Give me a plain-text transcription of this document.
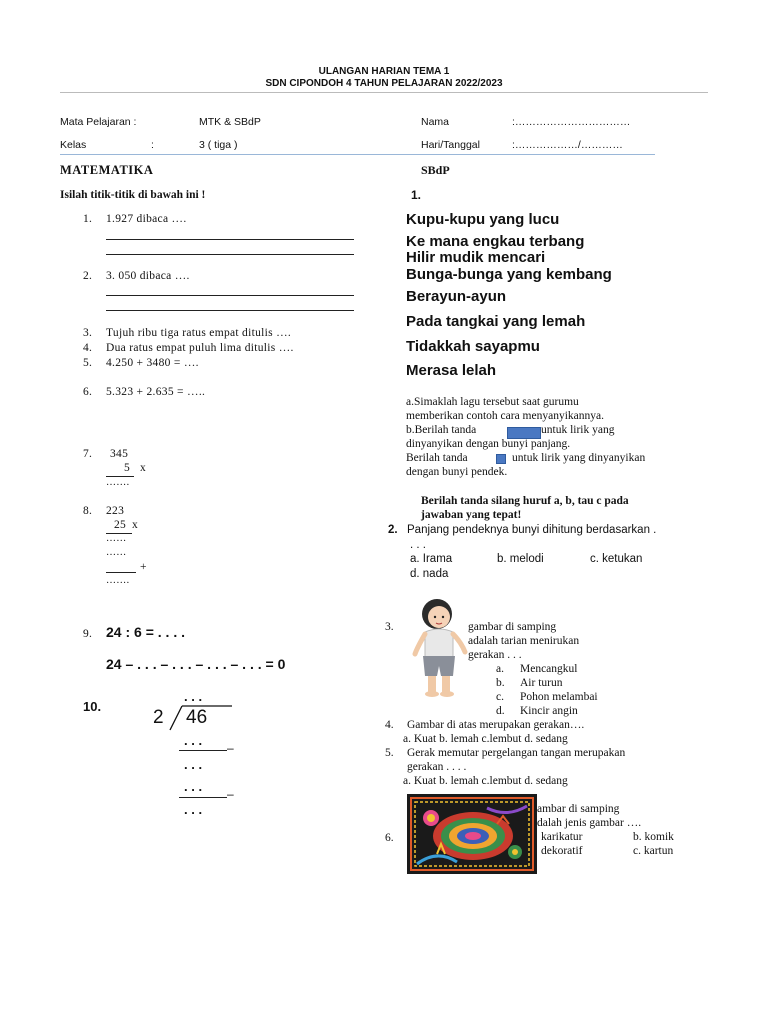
ULANGAN HARIAN TEMA 1
SDN CIPONDOH 4 TAHUN PELAJARAN 2022/2023
Mata Pelajaran :	MTK & SBdP	Nama	:……………………………
Kelas	:	3 ( tiga )	Hari/Tanggal	:………………/…………
MATEMATIKA
Isilah titik-titik di bawah ini !
1. 1.927 dibaca ….
2. 3. 050 dibaca ….
3. Tujuh ribu tiga ratus empat ditulis ….
4. Dua ratus empat puluh lima ditulis ….
5. 4.250 + 3480 = ….
6. 5.323 + 2.635 = …..
7. 345
5 x
…….
8. 223
25 x
……
……
+
…….
9. 24 : 6 = . . . .
24 – . . . – . . . – . . . – . . . = 0
10.
. . .
2 46
. . . –
. . .
. . . –
. . .
SBdP
1.
Kupu-kupu yang lucu
Ke mana engkau terbang
Hilir mudik mencari
Bunga-bunga yang kembang
Berayun-ayun
Pada tangkai yang lemah
Tidakkah sayapmu
Merasa lelah
a.Simaklah lagu tersebut saat gurumu
memberikan contoh cara menyanyikannya.
b.Berilah tanda	untuk lirik yang
dinyanyikan dengan bunyi panjang.
Berilah tanda	untuk lirik yang dinyanyikan
dengan bunyi pendek.
Berilah tanda silang huruf a, b, tau c pada
jawaban yang tepat!
2. Panjang pendeknya bunyi dihitung berdasarkan .
. . .
a. Irama	b. melodi	c. ketukan
d. nada
3.	gambar di samping
adalah tarian menirukan
gerakan . . .
a. Mencangkul
b. Air turun
c. Pohon melambai
d. Kincir angin
4. Gambar di atas merupakan gerakan….
a. Kuat b. lemah c.lembut d. sedang
5. Gerak memutar pergelangan tangan merupakan
gerakan . . . .
a. Kuat b. lemah c.lembut d. sedang
ambar di samping
dalah jenis gambar ….
6.	karikatur	b. komik
dekoratif	c. kartun
